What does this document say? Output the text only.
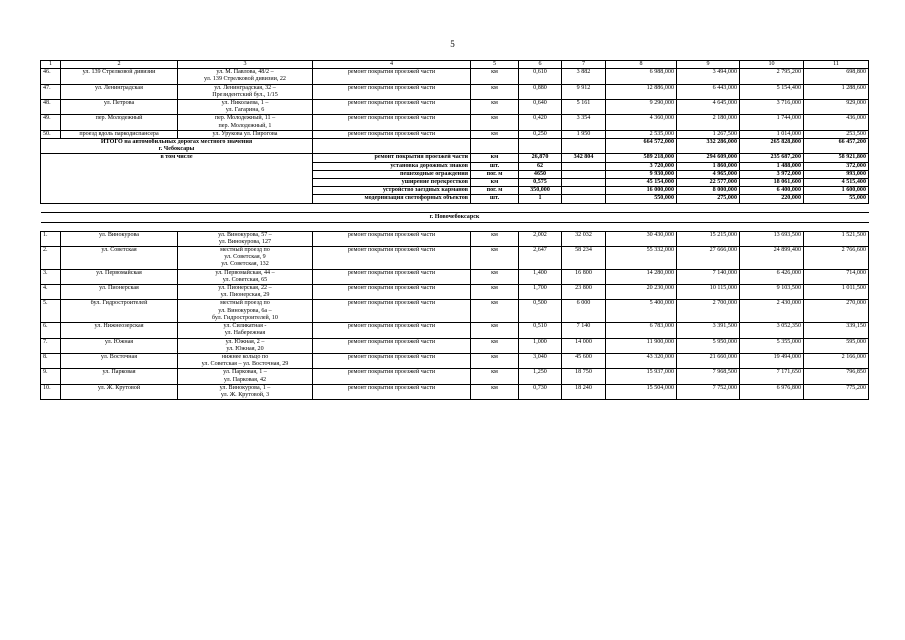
5
1	2	3	4	5	6	7	8	9	10	11
46.	ул. 139 Стрелковой дивизии	ул. М. Павлова, 48/2 –
ул. 139 Стрелковой дивизии, 22	ремонт покрытия проезжей части	км	0,610	3 882	6 988,000	3 494,000	2 795,200	698,800
47.	ул. Ленинградская	ул. Ленинградская, 32 –
Президентский бул., 1/15	ремонт покрытия проезжей части	км	0,880	9 912	12 886,000	6 443,000	5 154,400	1 288,600
48.	ул. Петрова	ул. Николаева, 1 –
ул. Гагарина, 6	ремонт покрытия проезжей части	км	0,640	5 161	9 290,000	4 645,000	3 716,000	929,000
49.	пер. Молодежный	пер. Молодежный, 11 –
пер. Молодежный, 1	ремонт покрытия проезжей части	км	0,420	3 354	4 360,000	2 180,000	1 744,000	436,000
50.	проезд вдоль паркодиспансера	ул. Урукова ул. Пирогова	ремонт покрытия проезжей части	км	0,250	1 950	2 535,000	1 267,500	1 014,000	253,500
ИТОГО на автомобильных дорогах местного значения
г. Чебоксары							664 572,000	332 286,000	265 828,800	66 457,200
в том числе			ремонт покрытия проезжей части	км	26,870	342 804	589 218,000	294 609,000	235 687,200	58 921,800
			установка дорожных знаков	шт.	62		3 720,000	1 860,000	1 488,000	372,000
			пешеходные ограждения	пог. м	4650		9 930,000	4 965,000	3 972,000	993,000
			уширение перекрестков	км	0,575		45 154,000	22 577,000	18 061,600	4 515,400
			устройство заездных карманов	пог. м	350,000		16 000,000	8 000,000	6 400,000	1 600,000
			модернизация светофорных объектов	шт.	1		550,000	275,000	220,000	55,000

г. Новочебоксарск										

1.	ул. Винокурова	ул. Винокурова, 57 –
ул. Винокурова, 127	ремонт покрытия проезжей части	км	2,002	32 032	30 430,000	15 215,000	13 693,500	1 521,500
2.	ул. Советская	местный проезд по
ул. Советская, 9
ул. Советская, 132	ремонт покрытия проезжей части	км	2,647	58 234	55 332,000	27 666,000	24 899,400	2 766,600
3.	ул. Первомайская	ул. Первомайская, 44 –
ул. Советская, 65	ремонт покрытия проезжей части	км	1,400	16 800	14 280,000	7 140,000	6 426,000	714,000
4.	ул. Пионерская	ул. Пионерская, 22 –
ул. Пионерская, 29	ремонт покрытия проезжей части	км	1,700	23 800	20 230,000	10 115,000	9 103,500	1 011,500
5.	бул. Гидростроителей	местный проезд по
ул. Винокурова, 6а –
бул. Гидростроителей, 10	ремонт покрытия проезжей части	км	0,500	6 000	5 400,000	2 700,000	2 430,000	270,000
6.	ул. Нижнеозерская	ул. Силикатная -
ул. Набережная	ремонт покрытия проезжей части	км	0,510	7 140	6 783,000	3 391,500	3 052,350	339,150
7.	ул. Южная	ул. Южная, 2 –
ул. Южная, 20	ремонт покрытия проезжей части	км	1,000	14 000	11 900,000	5 950,000	5 355,000	595,000
8.	ул. Восточная	нижнее кольцо по
ул. Советская – ул. Восточная, 29	ремонт покрытия проезжей части	км	3,040	45 600	43 320,000	21 660,000	19 494,000	2 166,000
9.	ул. Парковая	ул. Парковая, 1 –
ул. Парковая, 42	ремонт покрытия проезжей части	км	1,250	18 750	15 937,000	7 968,500	7 171,650	796,850
10.	ул. Ж. Крутовой	ул. Винокурова, 1 –
ул. Ж. Крутовой, 3	ремонт покрытия проезжей части	км	0,730	18 240	15 504,000	7 752,000	6 976,800	775,200
